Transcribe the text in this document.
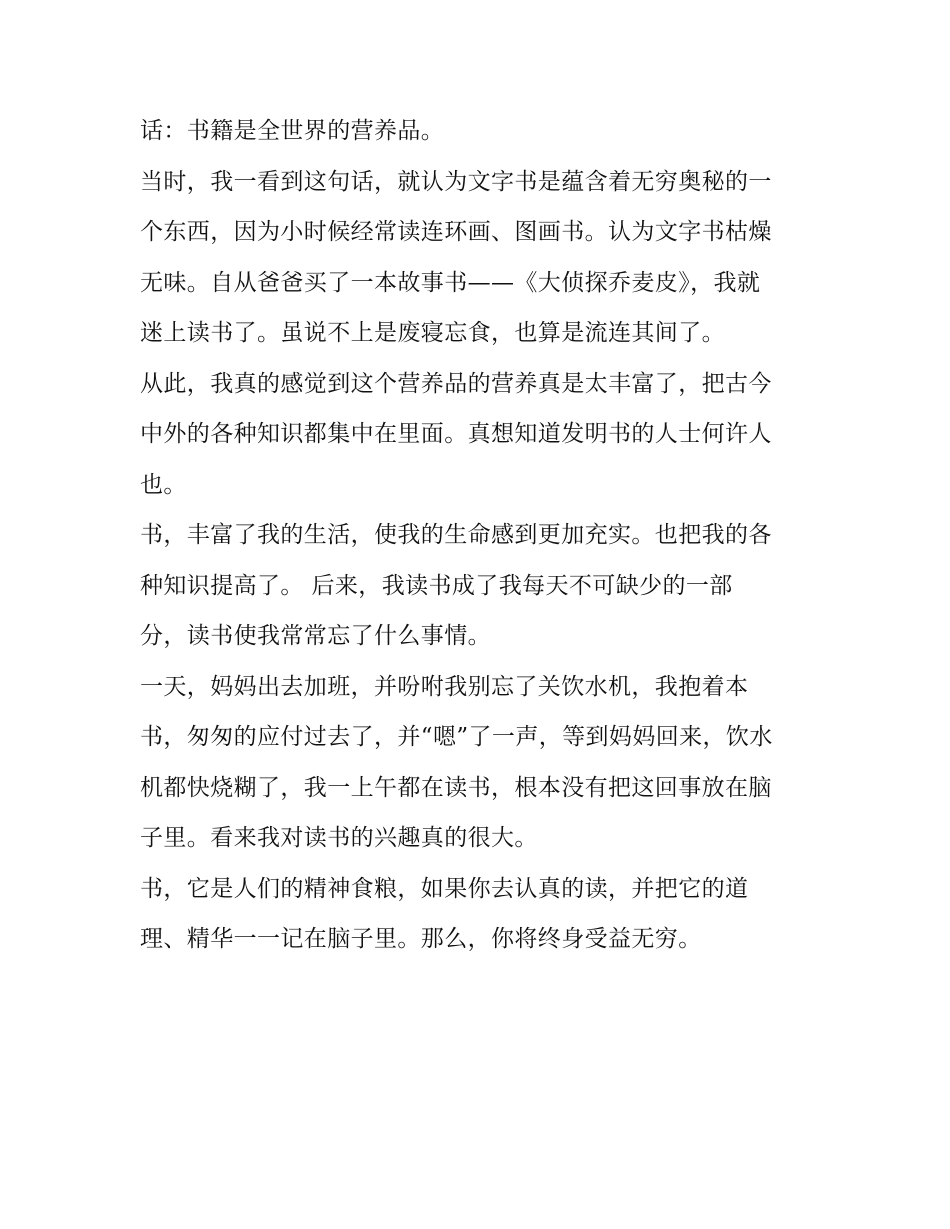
话：书籍是全世界的营养品。
当时，我一看到这句话，就认为文字书是蕴含着无穷奥秘的一
个东西，因为小时候经常读连环画、图画书。认为文字书枯燥
无味。自从爸爸买了一本故事书——《大侦探乔麦皮》，我就
迷上读书了。虽说不上是废寝忘食，也算是流连其间了。
从此，我真的感觉到这个营养品的营养真是太丰富了，把古今
中外的各种知识都集中在里面。真想知道发明书的人士何许人
也。
书，丰富了我的生活，使我的生命感到更加充实。也把我的各
种知识提高了。 后来，我读书成了我每天不可缺少的一部
分，读书使我常常忘了什么事情。
一天，妈妈出去加班，并吩咐我别忘了关饮水机，我抱着本
书，匆匆的应付过去了，并“嗯”了一声，等到妈妈回来，饮水
机都快烧糊了，我一上午都在读书，根本没有把这回事放在脑
子里。看来我对读书的兴趣真的很大。
书，它是人们的精神食粮，如果你去认真的读，并把它的道
理、精华一一记在脑子里。那么，你将终身受益无穷。
